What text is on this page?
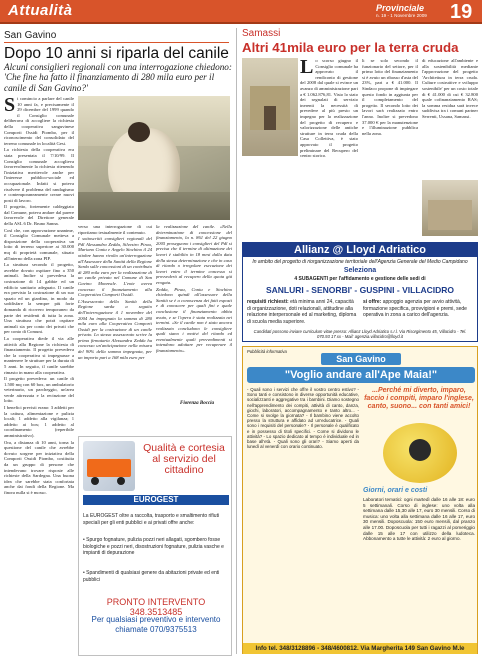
Attualità	Provinciale
n. 19 - 1 Novembre 2009 19
San Gavino
Dopo 10 anni si riparla del canile
Alcuni consiglieri regionali con una interrogazione chiedono: 'Che fine ha fatto il finanziamento di 280 mila euro per il canile di San Gavino?'

Si comincio a parlare del canile 10 anni fa, e precisamente il 29 dicembre del 1999 quando il Consiglio comunale deliberava di accogliere la richiesta della cooperativa sanguvinese Comporti Ossidi Piombo, per il riconoscimento del consolidato del terreno comunale in località Gesi.

La richiesta della cooperativa era stata presentata il 7/10/99. Il Consiglio comunale accoglieva favorevolmente la richiesta ritenendo l'iniziativa meritevole anche per l'interesse pubblico-sociale ed occupazionale. Infatti si poteva risolvere il problema del randagismo e contemporaneamente creare nuovi posti di lavoro.

Il progetto, fortemente caldeggiato dal Comune, poteva andare dal parere favorevole del Direttore generale della ASL 6 Dr. Bruno Sanna.

Così che, con approvazione unanime, il Consiglio Comunale metteva a disposizione della cooperativa un lotto di terreno superiore ai 30.000 mq di proprietà comunale, situato all'interno della zona PIP.

La struttura secondo il progetto, avrebbe dovuto ospitare fino a 350 animali. Inoltre si prevedeva la costruzione di 14 gabbie ed un edificio sanitario adeguato. Il canile era previsto la costruzione di un suo spazio ed un giardino, in modo da soddisfare la sempre più forte domanda di ricovero temporaneo da parte dei residenti di tutta la zona. Una struttura che potrà ospitare animali sia per conto dei privati che per conto di Comuni.

La cooperativa diede il via alle attività alla Regione la richiesta di finanziamento. Il progetto prevedeva che la cooperativa si impegnasse a mantenere le strutture per la durata di 5 anni. In seguito, il canile sarebbe rimasto in mano alla cooperativa.

Il progetto prevedeva: un canile di 1.500 mq con 60 box, un ambulatorio veterinario, un parcheggio, un'area verde attrezzata e la recinzione del lotto.

I benefici previsti erano: 3 addetti per la cattura, alimentazione e pulizia locali; 1 addetto alla vigilanza; 1 addetto ai box; 1 addetto al coordinamento (reperibile amministrativo).

Ora, a distanza di 10 anni, torna la questione del canile che avrebbe dovuto sorgere per iniziativa della Comporti Ossidi Piombo, costituita da un gruppo di persone che intendevano trovare risposte alle richieste della Sardegna. Una buona idea che sarebbe stata confortata anche dai fondi della Regione. Ma finora nulla si è mosso.

verso una interrogazione di cui riportiamo testualmente il contenuto.

I sottoscritti consiglieri regionali del Pdl Alessandra Zedda, Silvestro Pirau, Mariano Contu e Angelo Stochino il 24 ottobre hanno rivolto un'interrogazione all'Assessore della Sanità della Regione Sarda sulle concessioni di un contributo di 280 mila euro per la realizzazione di un canile privato nel Comune di San Gavino Monreale. L'ente aveva concesso il finanziamento alla Cooperativa Comporti Ossidi.

L'Assessorato della Sanità della Regione sarda a seguito dell'interrogazione il 1 novembre del 2004 ha impegnato la somma di 280 mila euro alla Cooperativa Comporti Ossidi per la costruzione di un canile privato. Lo stesso assessorato scrive la prima firmataria Alessandra Zedda ha concesso un'anticipazione nella misura del 90% della somma impegnata, per un importo pari a 168 mila euro per

la realizzazione del canile. «Nella determinazione di concessione del finanziamento, la n. 861 del 22 giugno 2005 proseguono i consiglieri del Pdl si precisa che il termine di ultimazione dei lavori è stabilito in 18 mesi dalla data della stessa determinazione e che in caso di ritardo o irregolare esecuzione dei lavori entro il termine concesso si provvederà al recupero della quota già erogata.

Zedda, Pirau, Contu e Stochino chiedono quindi all'assessore della Sanità se è a conoscenza dei fatti esposti e di conoscere per quali fini e quale conclusione il finanziamento abbia avuto, e se l'opera è stata realizzata nei termini. «Se il canile non è stato ancora realizzato concludono le consigliere quali siano i motivi del ritardo ed eventualmente quali provvedimenti si intendono adottare per recuperare il finanziamento».

Fiorenza Boccia
Qualità e cortesia al servizio del cittadino
EUROGEST
La EUROGEST oltre a raccolta, trasporto e smaltimento rifiuti speciali per gli enti pubblici e ai privati offre anche:
• Spurgo fognature, pulizia pozzi neri allagati, sgombero fosse biologiche e pozzi neri, disostruzioni fognature, pulizia vasche e impianti di depurazione
• Spandimenti di qualsiasi genere da abitazioni private ed enti pubblici
PRONTO INTERVENTO 348.3513485
Per qualsiasi preventivo e intervento chiamate 070/9375513
Samassi
Altri 41mila euro per la terra cruda

Lo scorso giugno il Consiglio comunale ha approvato il rendiconto di gestione del 2008 dal quale si evince un avanzo di amministrazione pari a € 1.062.876,81. Visto lo stato dei segnalati di servizio inerenti la necessità di prevedere al più presto un impegno per la realizzazione del progetto di recupero e valorizzazione delle antiche strutture in terra cruda della Casa Collettiva, è stato approvato il progetto preliminare del Recupero del centro storico.

li se solo secondo il funzionario del settore, per il primo lotto del finanziamento si è avuto un ribasso d'asta del 23%, pari a € 41.000. Il Sindaco propone di impiegare questo fondo in aggiunta per il completamento del progetto. Il secondo lotto dei lavori sarà realizzato entro l'anno. Inoltre si prevedono 37.000 € per la manutenzione e l'illuminazione pubblica nella zona.

di educazione all'ambiente e alla sostenibilità mediante l'approvazione del progetto 'Architettura in terra cruda. Culture costruttive e sviluppo sostenibile' per un costo totale di € 41.000 di cui € 32.800 quale cofinanziamento RAS; la somma residua sarà invece suddivisa tra i comuni partner Serrenti, Ussana, Samassi.

Allianz @ Lloyd Adriatico
In ambito del progetto di riorganizzazione territoriale dell'Agenzia Generale del Medio Campidano
Seleziona
4 SUBAGENTI per l'affidamento e gestione delle sedi di
SANLURI - SENORBI' - GUSPINI - VILLACIDRO
requisiti richiesti: età minima anni 24, capacità di organizzazione, doti relazionali, attitudine alla relazione interpersonale ed al marketing, diploma di scuola media superiore.
si offre: appoggio agenzia per avvio attività, formazione specifica, provvigioni e premi, sede operativa in zona a carico dell'agenzia.
Candidati possono inviare curriculum vitae presso: Allianz Lloyd Adriatico s.r.l. Via Risorgimento 45, Villacidro - Tel. 070.93 17 xx - Mail: agenzia.villacidro@lloyd.it
Pubblicità informativa
San Gavino
"Voglio andare all'Ape Maia!"

- Quali sono i servizi che offre il vostro centro estivo? - Sono tanti e consistono in diverse opportunità educative, socializzanti e aggregative tra i bambini. Diamo sostegno nell'apprendimento dei compiti, attività di canto, danza, giochi, laboratori, accompagnamento e tanto altro... - Come si svolge la giornata? - Il bambino viene accolto presso la struttura e affidato ad un'educatrice. - Quali sono i requisiti del personale? - Il personale è qualificato e in possesso di titoli specifici. - Come si dividono le attività? - Lo spazio dedicato al tempo è individuale ed in base all'età. - Quali sono gli orari? - Siamo aperti da lunedì al venerdì con orario continuato.

...Perché mi diverto, imparo, faccio i compiti, imparo l'inglese, canto, suono... con tanti amici!
Giorni, orari e costi

Laboratori tematici: ogni martedì dalle 16 alle 18: euro 5 settimanali. Corso di inglese: uno volta alla settimana dalle 15,30 alle 17, euro 30 mensili. Corso di musica: uno volta alla settimana dalle 16 alle 17, euro 30 mensili. Doposcuola: 150 euro mensili, dal pranzo alle 17.00. Doposcuola per tutti i ragazzi al pomeriggio dalle 15 alle 17 con utilizzo della ludoteca. Abbonamento a tutte le attività: 2 euro al giorno.

Info tel. 348/3128896 - 348/4600812. Via Margherita 149 San Gavino M.le
